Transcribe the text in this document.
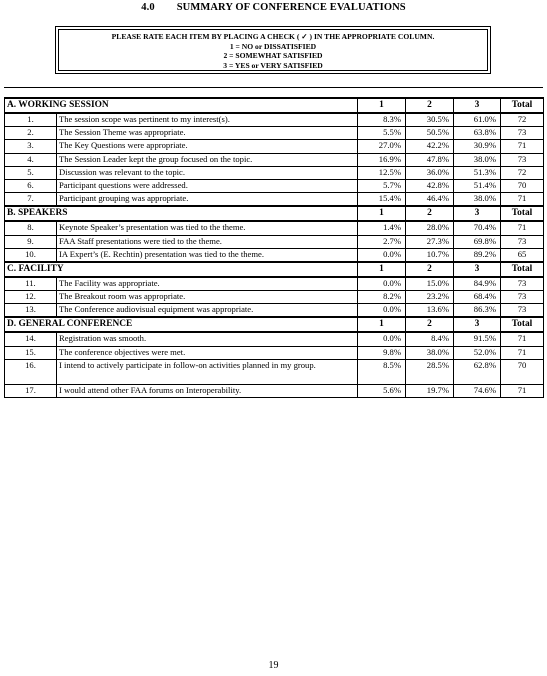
4.0 SUMMARY OF CONFERENCE EVALUATIONS
PLEASE RATE EACH ITEM BY PLACING A CHECK ( ✓ ) IN THE APPROPRIATE COLUMN.
1 = NO or DISSATISFIED
2 = SOMEWHAT SATISFIED
3 = YES or VERY SATISFIED
A. WORKING SESSION		1	2	3	Total
1.	The session scope was pertinent to my interest(s).	8.3%	30.5%	61.0%	72
2.	The Session Theme was appropriate.	5.5%	50.5%	63.8%	73
3.	The Key Questions were appropriate.	27.0%	42.2%	30.9%	71
4.	The Session Leader kept the group focused on the topic.	16.9%	47.8%	38.0%	73
5.	Discussion was relevant to the topic.	12.5%	36.0%	51.3%	72
6.	Participant questions were addressed.	5.7%	42.8%	51.4%	70
7.	Participant grouping was appropriate.	15.4%	46.4%	38.0%	71
B. SPEAKERS		1	2	3	Total
8.	Keynote Speaker’s presentation was tied to the theme.	1.4%	28.0%	70.4%	71
9.	FAA Staff presentations were tied to the theme.	2.7%	27.3%	69.8%	73
10.	IA Expert’s (E. Rechtin) presentation was tied to the theme.	0.0%	10.7%	89.2%	65
C. FACILITY		1	2	3	Total
11.	The Facility was appropriate.	0.0%	15.0%	84.9%	73
12.	The Breakout room was appropriate.	8.2%	23.2%	68.4%	73
13.	The Conference audiovisual equipment was appropriate.	0.0%	13.6%	86.3%	73
D. GENERAL CONFERENCE		1	2	3	Total
14.	Registration was smooth.	0.0%	8.4%	91.5%	71
15.	The conference objectives were met.	9.8%	38.0%	52.0%	71
16.	I intend to actively participate in follow-on activities planned in my group.	8.5%	28.5%	62.8%	70
17.	I would attend other FAA forums on Interoperability.	5.6%	19.7%	74.6%	71
19
